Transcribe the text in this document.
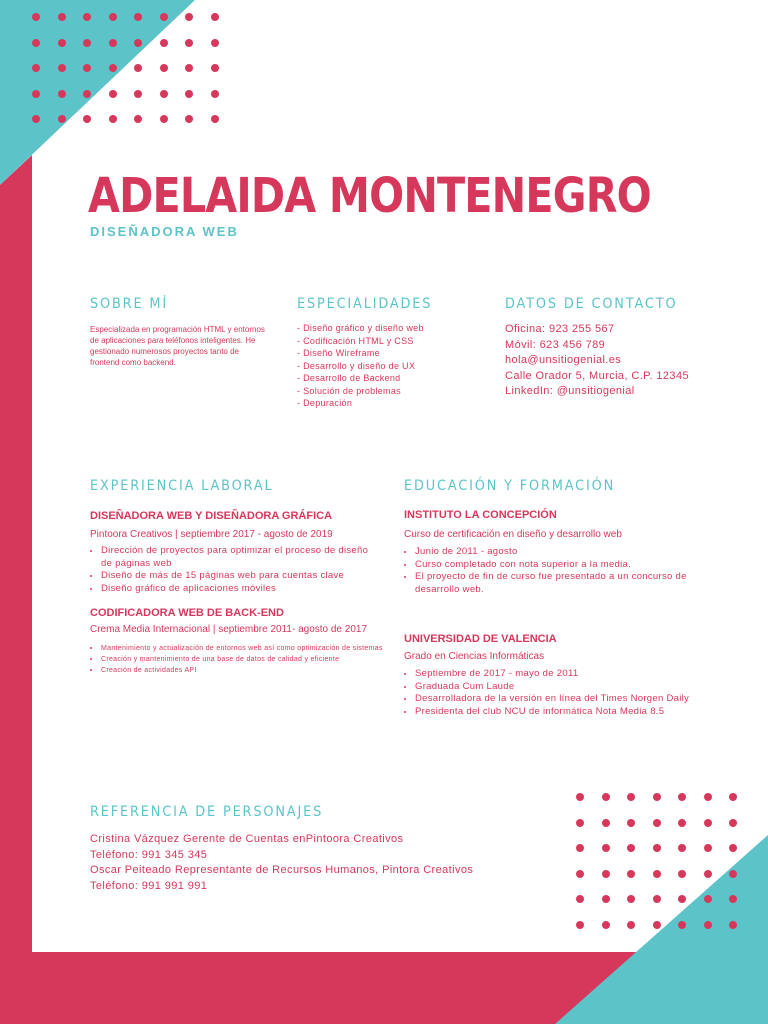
ADELAIDA MONTENEGRO
DISEÑADORA WEB
SOBRE MÍ
Especializada en programación HTML y entornos de aplicaciones para teléfonos inteligentes. He gestionado numerosos proyectos tanto de frontend como backend.
ESPECIALIDADES
- Diseño gráfico y diseño web
- Codificación HTML y CSS
- Diseño Wireframe
- Desarrollo y diseño de UX
- Desarrollo de Backend
- Solución de problemas
- Depuración
DATOS DE CONTACTO
Oficina: 923 255 567
Móvil: 623 456 789
hola@unsitiogenial.es
Calle Orador 5, Murcia, C.P. 12345
LinkedIn: @unsitiogenial
EXPERIENCIA LABORAL
DISEÑADORA WEB Y DISEÑADORA GRÁFICA
Pintoora Creativos | septiembre 2017 - agosto de 2019
• Dirección de proyectos para optimizar el proceso de diseño de páginas web
• Diseño de más de 15 páginas web para cuentas clave
• Diseño gráfico de aplicaciones móviles
CODIFICADORA WEB DE BACK-END
Crema Media Internacional | septiembre 2011- agosto de 2017
• Mantenimiento y actualización de entornos web así como optimización de sistemas
• Creación y mantenimiento de una base de datos de calidad y eficiente
• Creación de actividades API
EDUCACIÓN Y FORMACIÓN
INSTITUTO LA CONCEPCIÓN
Curso de certificación en diseño y desarrollo web
• Junio de 2011 - agosto
• Curso completado con nota superior a la media.
• El proyecto de fin de curso fue presentado a un concurso de desarrollo web.
UNIVERSIDAD DE VALENCIA
Grado en Ciencias Informáticas
• Septiembre de 2017 - mayo de 2011
• Graduada Cum Laude
• Desarrolladora de la versión en línea del Times Norgen Daily
• Presidenta del club NCU de informática Nota Media 8.5
REFERENCIA DE PERSONAJES
Cristina Vázquez Gerente de Cuentas enPintoora Creativos
Teléfono: 991 345 345
Oscar Peiteado Representante de Recursos Humanos, Pintora Creativos
Teléfono: 991 991 991
